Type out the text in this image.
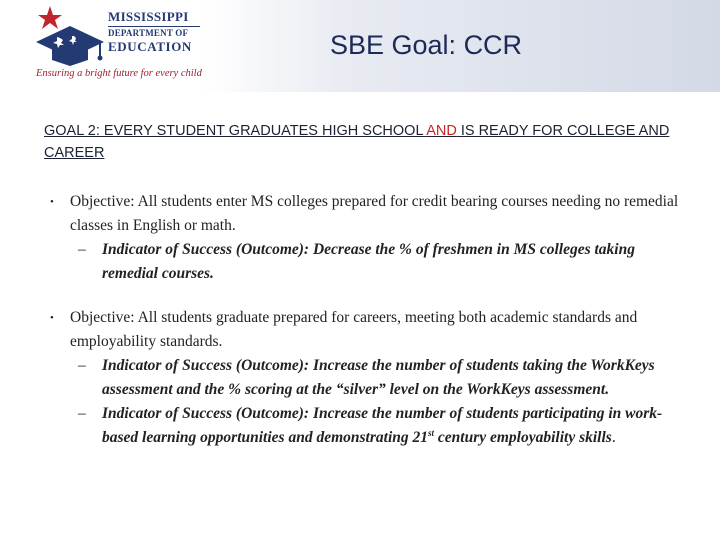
MISSISSIPPI
DEPARTMENT OF
EDUCATION
Ensuring a bright future for every child
SBE Goal: CCR
GOAL 2: EVERY STUDENT GRADUATES HIGH SCHOOL AND IS READY FOR COLLEGE AND CAREER
• Objective: All students enter MS colleges prepared for credit bearing courses needing no remedial classes in English or math.
– Indicator of Success (Outcome): Decrease the % of freshmen in MS colleges taking remedial courses.
• Objective: All students graduate prepared for careers, meeting both academic standards and employability standards.
– Indicator of Success (Outcome): Increase the number of students taking the WorkKeys assessment and the % scoring at the “silver” level on the WorkKeys assessment.
– Indicator of Success (Outcome): Increase the number of students participating in work-based learning opportunities and demonstrating 21st century employability skills.
